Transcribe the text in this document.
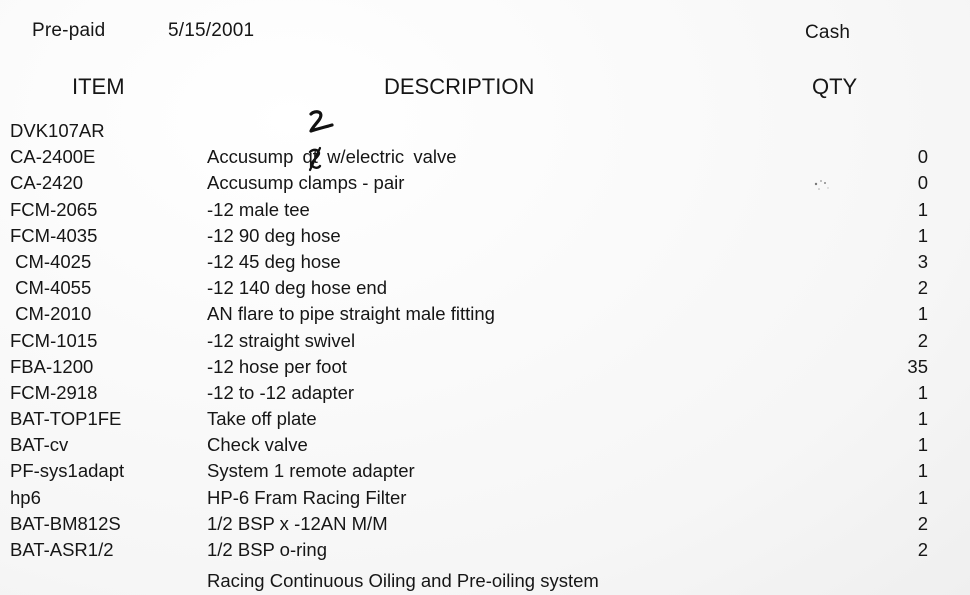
Pre-paid	5/15/2001	Cash
ITEM	DESCRIPTION	QTY
DVK107AR
CA-2400E	Accusump qt w/electric valve	0
CA-2420	Accusump clamps - pair	0
FCM-2065	-12 male tee	1
FCM-4035	-12 90 deg hose	1
CM-4025	-12 45 deg hose	3
CM-4055	-12 140 deg hose end	2
CM-2010	AN flare to pipe straight male fitting	1
FCM-1015	-12 straight swivel	2
FBA-1200	-12 hose per foot	35
FCM-2918	-12 to -12 adapter	1
BAT-TOP1FE	Take off plate	1
BAT-cv	Check valve	1
PF-sys1adapt	System 1 remote adapter	1
hp6	HP-6 Fram Racing Filter	1
BAT-BM812S	1/2 BSP x -12AN M/M	2
BAT-ASR1/2	1/2 BSP o-ring	2
Racing Continuous Oiling and Pre-oiling system
